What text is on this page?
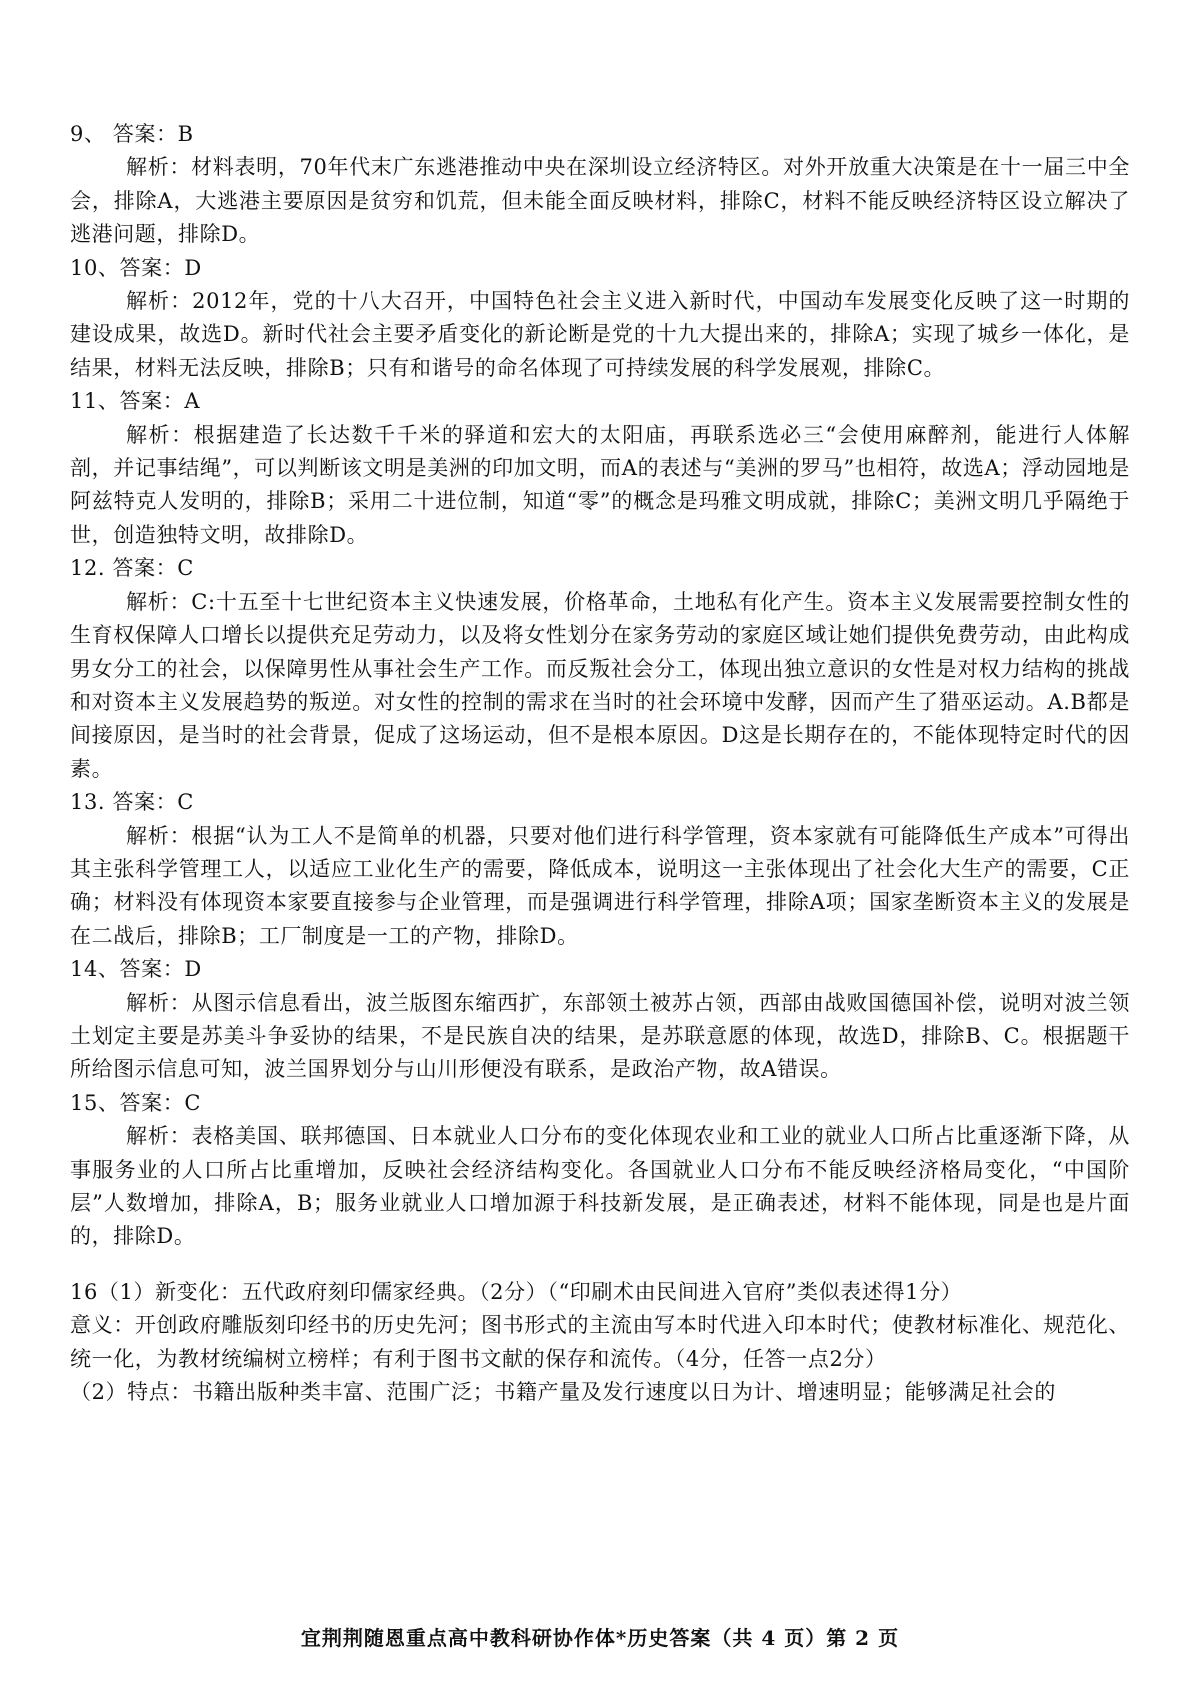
9、 答案：B

解析：材料表明，70年代末广东逃港推动中央在深圳设立经济特区。对外开放重大决策是在十一届三中全会，排除A，大逃港主要原因是贫穷和饥荒，但未能全面反映材料，排除C，材料不能反映经济特区设立解决了逃港问题，排除D。

10、答案：D

解析：2012年，党的十八大召开，中国特色社会主义进入新时代，中国动车发展变化反映了这一时期的建设成果，故选D。新时代社会主要矛盾变化的新论断是党的十九大提出来的，排除A；实现了城乡一体化，是结果，材料无法反映，排除B；只有和谐号的命名体现了可持续发展的科学发展观，排除C。

11、答案：A

解析：根据建造了长达数千千米的驿道和宏大的太阳庙，再联系选必三“会使用麻醉剂，能进行人体解剖，并记事结绳”，可以判断该文明是美洲的印加文明，而A的表述与“美洲的罗马”也相符，故选A；浮动园地是阿兹特克人发明的，排除B；采用二十进位制，知道“零”的概念是玛雅文明成就，排除C；美洲文明几乎隔绝于世，创造独特文明，故排除D。

12. 答案：C

解析：C:十五至十七世纪资本主义快速发展，价格革命，土地私有化产生。资本主义发展需要控制女性的生育权保障人口增长以提供充足劳动力，以及将女性划分在家务劳动的家庭区域让她们提供免费劳动，由此构成男女分工的社会，以保障男性从事社会生产工作。而反叛社会分工，体现出独立意识的女性是对权力结构的挑战和对资本主义发展趋势的叛逆。对女性的控制的需求在当时的社会环境中发酵，因而产生了猎巫运动。A.B都是间接原因，是当时的社会背景，促成了这场运动，但不是根本原因。D这是长期存在的，不能体现特定时代的因素。

13. 答案：C

解析：根据“认为工人不是简单的机器，只要对他们进行科学管理，资本家就有可能降低生产成本”可得出其主张科学管理工人，以适应工业化生产的需要，降低成本，说明这一主张体现出了社会化大生产的需要，C正确；材料没有体现资本家要直接参与企业管理，而是强调进行科学管理，排除A项；国家垄断资本主义的发展是在二战后，排除B；工厂制度是一工的产物，排除D。

14、答案：D

解析：从图示信息看出，波兰版图东缩西扩，东部领土被苏占领，西部由战败国德国补偿，说明对波兰领土划定主要是苏美斗争妥协的结果，不是民族自决的结果，是苏联意愿的体现，故选D，排除B、C。根据题干所给图示信息可知，波兰国界划分与山川形便没有联系，是政治产物，故A错误。

15、答案：C

解析：表格美国、联邦德国、日本就业人口分布的变化体现农业和工业的就业人口所占比重逐渐下降，从事服务业的人口所占比重增加，反映社会经济结构变化。各国就业人口分布不能反映经济格局变化，“中国阶层”人数增加，排除A，B；服务业就业人口增加源于科技新发展，是正确表述，材料不能体现，同是也是片面的，排除D。

16（1）新变化：五代政府刻印儒家经典。（2分）（“印刷术由民间进入官府”类似表述得1分）

意义：开创政府雕版刻印经书的历史先河；图书形式的主流由写本时代进入印本时代；使教材标准化、规范化、统一化，为教材统编树立榜样；有利于图书文献的保存和流传。（4分，任答一点2分）

（2）特点：书籍出版种类丰富、范围广泛；书籍产量及发行速度以日为计、增速明显；能够满足社会的

宜荆荆随恩重点高中教科研协作体*历史答案（共 4 页）第 2 页
